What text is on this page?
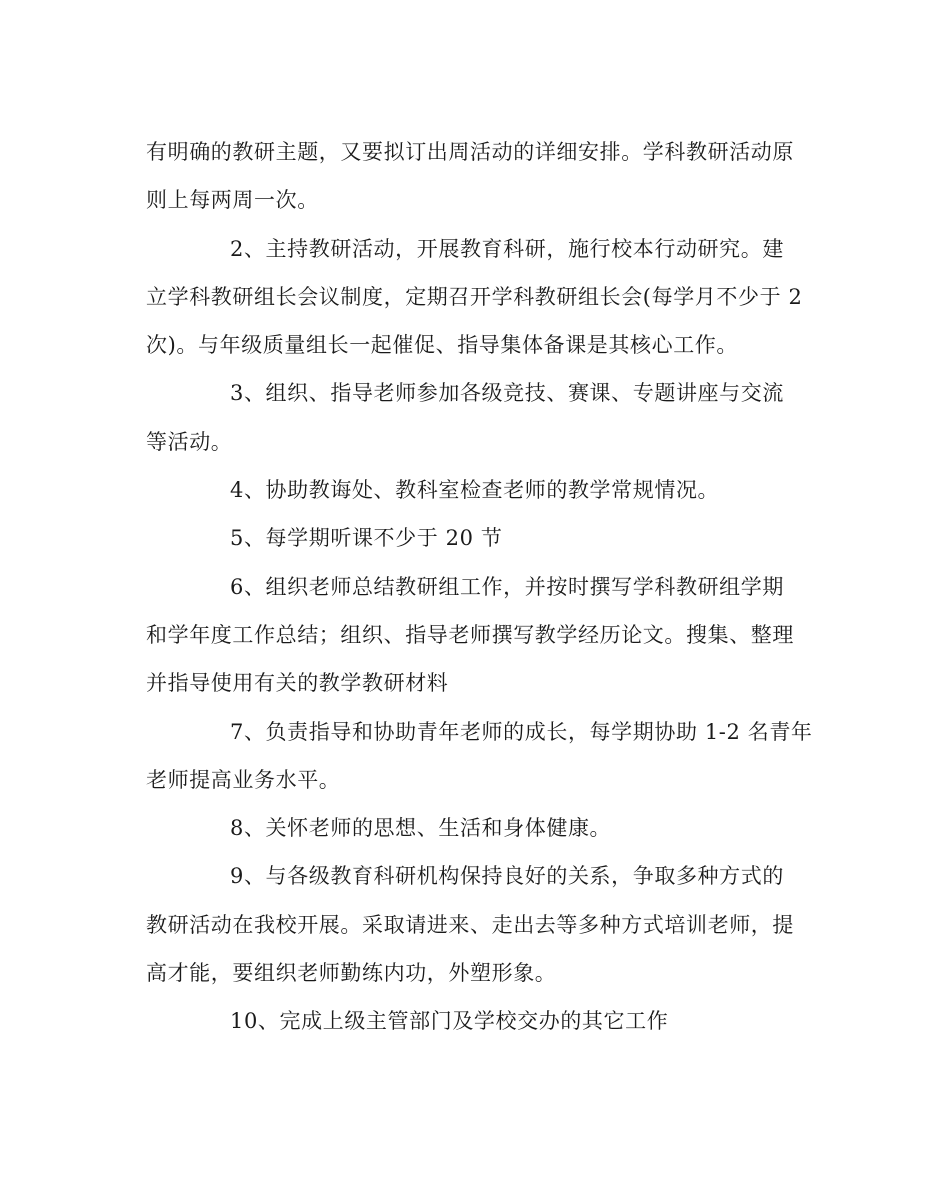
有明确的教研主题，又要拟订出周活动的详细安排。学科教研活动原
则上每两周一次。
2、主持教研活动，开展教育科研，施行校本行动研究。建
立学科教研组长会议制度，定期召开学科教研组长会(每学月不少于 2
次)。与年级质量组长一起催促、指导集体备课是其核心工作。
3、组织、指导老师参加各级竞技、赛课、专题讲座与交流
等活动。
4、协助教诲处、教科室检查老师的教学常规情况。
5、每学期听课不少于 20 节
6、组织老师总结教研组工作，并按时撰写学科教研组学期
和学年度工作总结；组织、指导老师撰写教学经历论文。搜集、整理
并指导使用有关的教学教研材料
7、负责指导和协助青年老师的成长，每学期协助 1-2 名青年
老师提高业务水平。
8、关怀老师的思想、生活和身体健康。
9、与各级教育科研机构保持良好的关系，争取多种方式的
教研活动在我校开展。采取请进来、走出去等多种方式培训老师，提
高才能，要组织老师勤练内功，外塑形象。
10、完成上级主管部门及学校交办的其它工作
